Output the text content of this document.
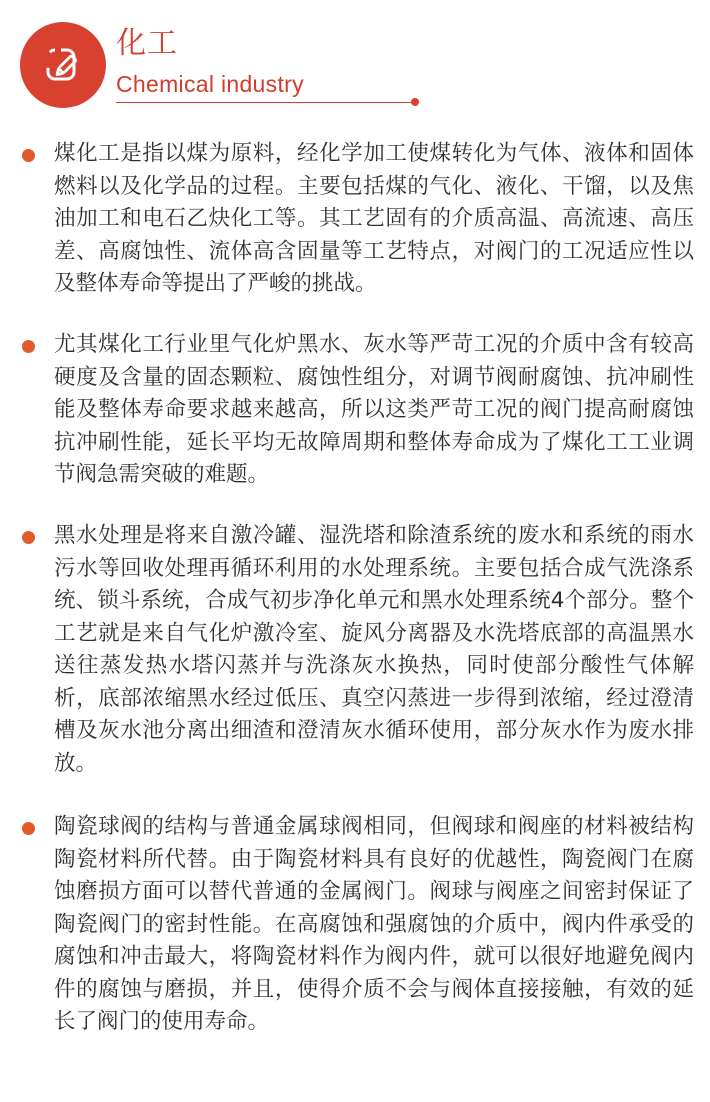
化工
Chemical industry
煤化工是指以煤为原料，经化学加工使煤转化为气体、液体和固体燃料以及化学品的过程。主要包括煤的气化、液化、干馏，以及焦油加工和电石乙炔化工等。其工艺固有的介质高温、高流速、高压差、高腐蚀性、流体高含固量等工艺特点，对阀门的工况适应性以及整体寿命等提出了严峻的挑战。
尤其煤化工行业里气化炉黑水、灰水等严苛工况的介质中含有较高硬度及含量的固态颗粒、腐蚀性组分，对调节阀耐腐蚀、抗冲刷性能及整体寿命要求越来越高，所以这类严苛工况的阀门提高耐腐蚀抗冲刷性能，延长平均无故障周期和整体寿命成为了煤化工工业调节阀急需突破的难题。
黑水处理是将来自激冷罐、湿洗塔和除渣系统的废水和系统的雨水污水等回收处理再循环利用的水处理系统。主要包括合成气洗涤系统、锁斗系统，合成气初步净化单元和黑水处理系统4个部分。整个工艺就是来自气化炉激冷室、旋风分离器及水洗塔底部的高温黑水送往蒸发热水塔闪蒸并与洗涤灰水换热，同时使部分酸性气体解析，底部浓缩黑水经过低压、真空闪蒸进一步得到浓缩，经过澄清槽及灰水池分离出细渣和澄清灰水循环使用，部分灰水作为废水排放。
陶瓷球阀的结构与普通金属球阀相同，但阀球和阀座的材料被结构陶瓷材料所代替。由于陶瓷材料具有良好的优越性，陶瓷阀门在腐蚀磨损方面可以替代普通的金属阀门。阀球与阀座之间密封保证了陶瓷阀门的密封性能。在高腐蚀和强腐蚀的介质中，阀内件承受的腐蚀和冲击最大，将陶瓷材料作为阀内件，就可以很好地避免阀内件的腐蚀与磨损，并且，使得介质不会与阀体直接接触，有效的延长了阀门的使用寿命。
